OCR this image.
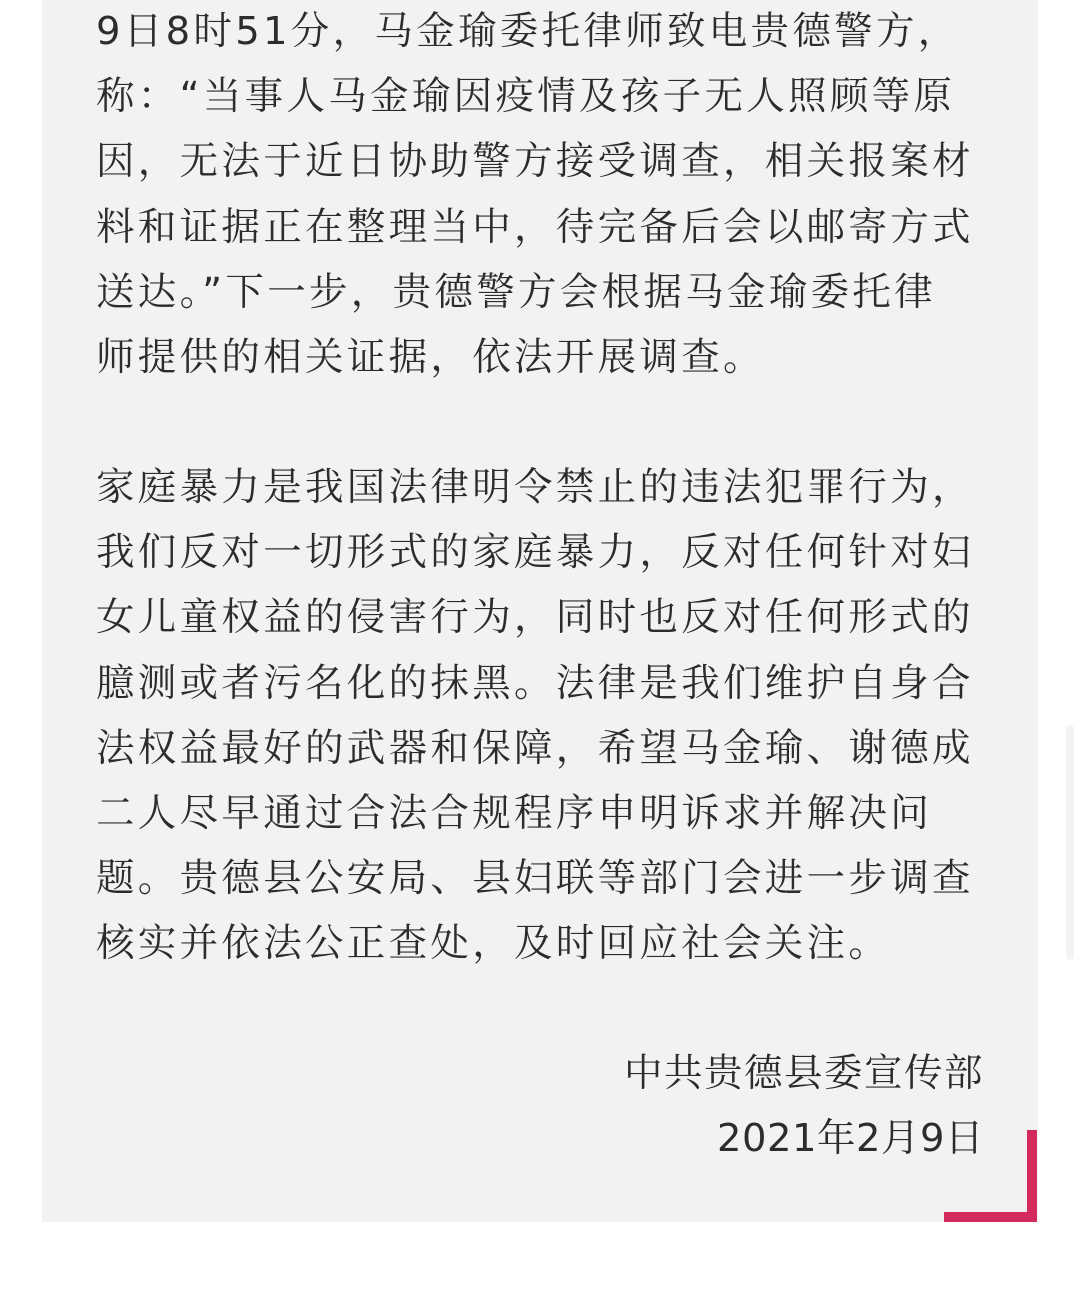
9日8时51分，马金瑜委托律师致电贵德警方，
称：“当事人马金瑜因疫情及孩子无人照顾等原
因，无法于近日协助警方接受调查，相关报案材
料和证据正在整理当中，待完备后会以邮寄方式
送达。”下一步，贵德警方会根据马金瑜委托律
师提供的相关证据，依法开展调查。
家庭暴力是我国法律明令禁止的违法犯罪行为，
我们反对一切形式的家庭暴力，反对任何针对妇
女儿童权益的侵害行为，同时也反对任何形式的
臆测或者污名化的抹黑。法律是我们维护自身合
法权益最好的武器和保障，希望马金瑜、谢德成
二人尽早通过合法合规程序申明诉求并解决问
题。贵德县公安局、县妇联等部门会进一步调查
核实并依法公正查处，及时回应社会关注。
中共贵德县委宣传部
2021年2月9日
